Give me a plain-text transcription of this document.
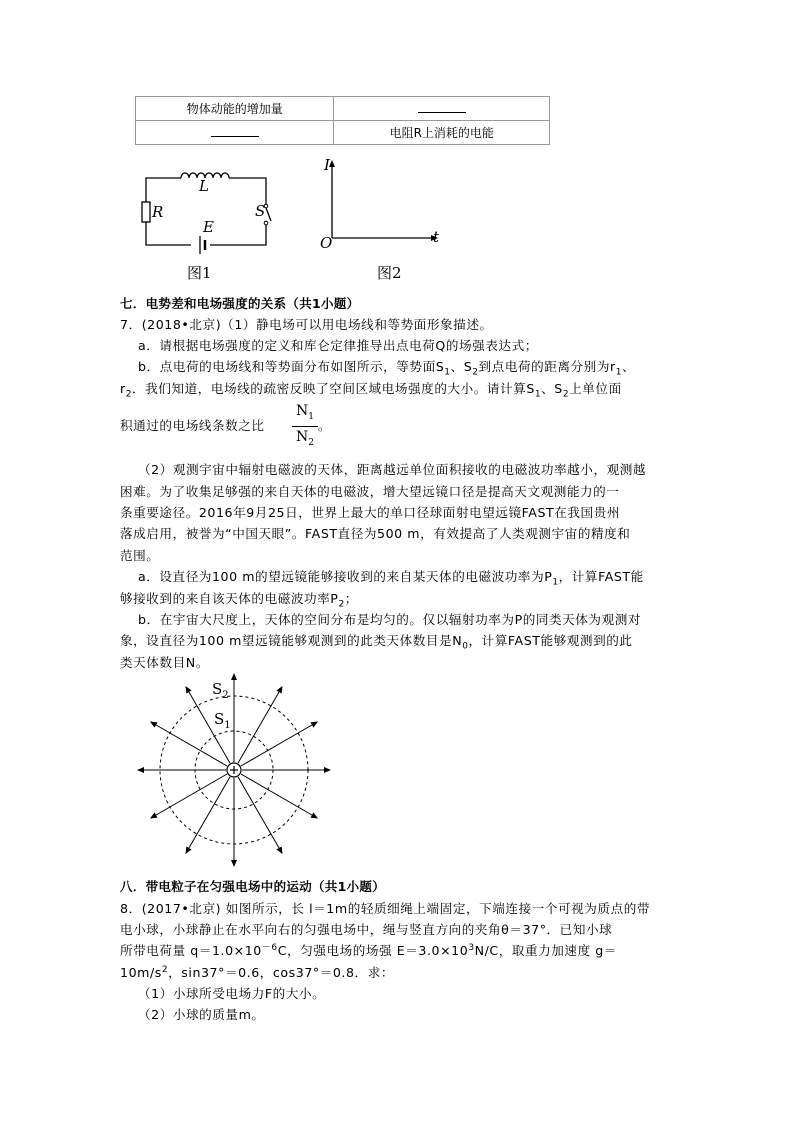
物体动能的增加量	
	电阻R上消耗的电能
L
R
E
S
图1
I
O	t
图2
七．电势差和电场强度的关系（共1小题）
7．(2018•北京)（1）静电场可以用电场线和等势面形象描述。
a．请根据电场强度的定义和库仑定律推导出点电荷Q的场强表达式；
b．点电荷的电场线和等势面分布如图所示，等势面$S_1$、$S_2$到点电荷的距离分别为$r_1$、
$r_2$．我们知道，电场线的疏密反映了空间区域电场强度的大小。请计算$S_1$、$S_2$上单位面
积通过的电场线条数之比	$\frac{N_1}{N_2}$ 。
（2）观测宇宙中辐射电磁波的天体，距离越远单位面积接收的电磁波功率越小，观测越
困难。为了收集足够强的来自天体的电磁波，增大望远镜口径是提高天文观测能力的一
条重要途径。2016年9月25日，世界上最大的单口径球面射电望远镜FAST在我国贵州
落成启用，被誉为“中国天眼”。FAST直径为500 m，有效提高了人类观测宇宙的精度和
范围。
a．设直径为100 m的望远镜能够接收到的来自某天体的电磁波功率为$P_1$，计算FAST能
够接收到的来自该天体的电磁波功率$P_2$；
b．在宇宙大尺度上，天体的空间分布是均匀的。仅以辐射功率为P的同类天体为观测对
象，设直径为100 m望远镜能够观测到的此类天体数目是$N_0$，计算FAST能够观测到的此
类天体数目N。
$S_2$
$S_1$
八．带电粒子在匀强电场中的运动（共1小题）
8．(2017•北京) 如图所示，长 l＝1m的轻质细绳上端固定，下端连接一个可视为质点的带
电小球，小球静止在水平向右的匀强电场中，绳与竖直方向的夹角θ＝37°．已知小球
所带电荷量 $q=1.0\times 10^{-6}C$，匀强电场的场强 $E=3.0\times 10^3N/C$，取重力加速度 g＝
$10m/s^2$，sin37°＝0.6，cos37°＝0.8．求：
（1）小球所受电场力F的大小。
（2）小球的质量m。
